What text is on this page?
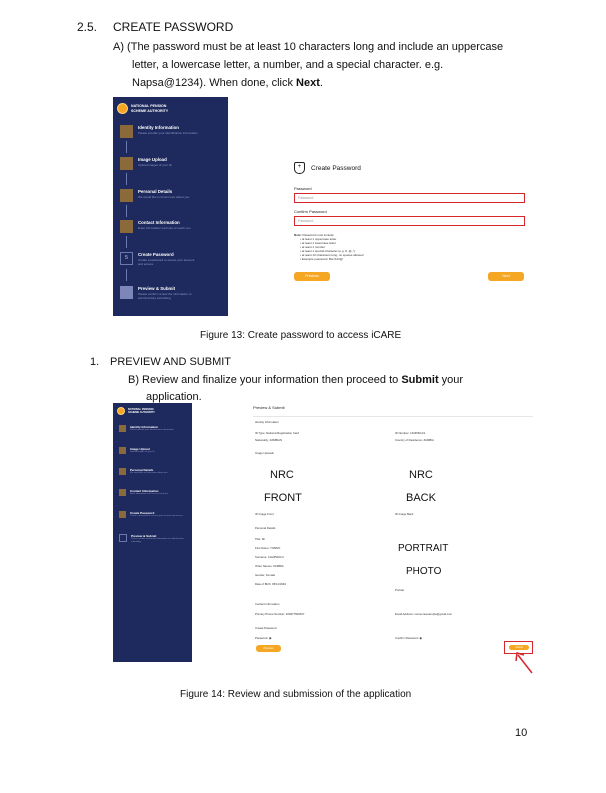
2.5. CREATE PASSWORD
A) (The password must be at least 10 characters long and include an uppercase
letter, a lowercase letter, a number, and a special character. e.g.
Napsa@1234). When done, click Next.
NATIONAL PENSION
SCHEME AUTHORITY
Identity Information
Please provide your identification information
Image Upload
Upload images of your ID
Personal Details
We would like to know more about you
Contact Information
Enter information we'll use to reach you
5
Create Password
Create a password to secure your account and access
Preview & Submit
Please confirm review the information to submit before submitting
+	Create Password
Password
Password
Confirm Password
Password
Note: Password must include:
• at least 1 uppercase letter
• at least 1 lowercase letter
• at least 1 number
• at least 1 special character (e.g. #, @, !)
• at least 10 characters long, no spaces allowed
• Example password: Bw=123@
Previous	Next
Figure 13: Create password to access iCARE
1. PREVIEW AND SUBMIT
B) Review and finalize your information then proceed to Submit your
application.
NATIONAL PENSION
SCHEME AUTHORITY
Identity Information
Please provide your identification information
Image Upload
Upload images of your ID
Personal Details
We would like to know more about you
Contact Information
Enter information we'll use to reach you
Create Password
Create a password to secure your account and access
Preview & Submit
Please confirm review the information to submit before submitting
Preview & Submit
Identity Information
ID Type: National Registration Card	ID Number: 123456/11/1
Nationality: ZAMBIAN	Country of Residence: ZAMBIA
Image Uploads
NRC
FRONT
NRC
BACK
ID Image Front	ID Image Back
Personal Details
Title: Mr
First Name: TOMMY
Surname: CHAPWALO
Other Names: ZAMBIA
Gender: Female
Date of Birth: 05/11/1994
PORTRAIT
PHOTO
Portrait
Contact Information
Primary Phone Number: 260977500527	Email Address: someoneexample@gmail.com
Create Password
Password: ◉	Confirm Password: ◉
Previous	Submit
Figure 14: Review and submission of the application
10
